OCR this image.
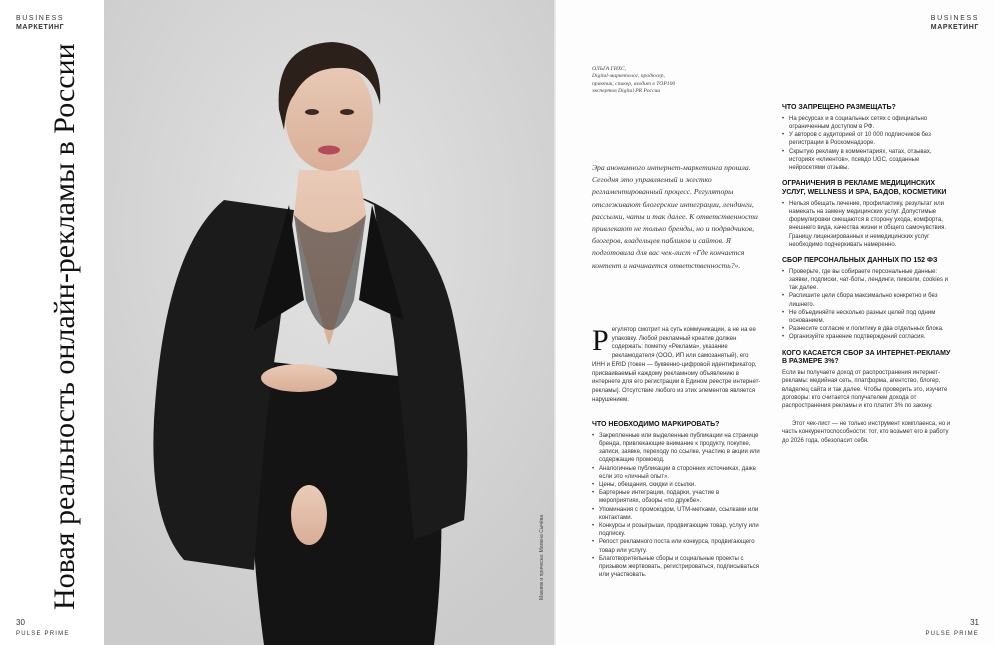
BUSINESS
МАРКЕТИНГ
Новая реальность онлайн-рекламы в России	Макияж и прическа: Милена Сычёва
30
PULSE PRIME
BUSINESS
МАРКЕТИНГ
31
PULSE PRIME
ОЛЬГА ГИХС,
Digital-маркетолог, продюсер,
практик, спикер, входит в ТОР100
экспертов Digital PR России
Эра анонимного интернет-маркетинга прошла. Сегодня это управляемый и жестко регламентированный процесс. Регуляторы отслеживают блогерские интеграции, лендинги, рассылки, чаты и так далее. К ответственности привлекают не только бренды, но и подрядчиков, блогеров, владельцев пабликов и сайтов. Я подготовила для вас чек-лист «Где кончается контент и начинается ответственность?».
Р егулятор смотрит на суть коммуникации, а не на ее упаковку. Любой рекламный креатив должен содержать: пометку «Реклама», указание рекламодателя (ООО, ИП или самозанятый), его ИНН и ERID (токен — буквенно-цифровой идентификатор, присваиваемый каждому рекламному объявлению в интернете для его регистрации в Едином реестре интернет-рекламы). Отсутствие любого из этих элементов является нарушением.
ЧТО НЕОБХОДИМО МАРКИРОВАТЬ?
• Закрепленные или выделенные публикации на странице бренда, привлекающие внимание к продукту, покупке, записи, заявке, переходу по ссылке, участию в акции или содержащие промокод.
• Аналогичные публикации в сторонних источниках, даже если это «личный опыт».
• Цены, обещания, скидки и ссылки.
• Бартерные интеграции, подарки, участие в мероприятиях, обзоры «по дружбе».
• Упоминания с промокодом, UTM-метками, ссылками или контактами.
• Конкурсы и розыгрыши, продвигающие товар, услугу или подписку.
• Репост рекламного поста или конкурса, продвигающего товар или услугу.
• Благотворительные сборы и социальные проекты с призывом жертвовать, регистрироваться, подписываться или участвовать.
ЧТО ЗАПРЕЩЕНО РАЗМЕЩАТЬ?
• На ресурсах и в социальных сетях с официально ограниченным доступом в РФ.
• У авторов с аудиторией от 10 000 подписчиков без регистрации в Роскомнадзоре.
• Скрытую рекламу в комментариях, чатах, отзывах, историях «клиентов», псевдо UGC, созданные нейросетями отзывы.
ОГРАНИЧЕНИЯ В РЕКЛАМЕ МЕДИЦИНСКИХ УСЛУГ, WELLNESS И SPA, БАДОВ, КОСМЕТИКИ
• Нельзя обещать лечение, профилактику, результат или намекать на замену медицинских услуг. Допустимые формулировки смещаются в сторону ухода, комфорта, внешнего вида, качества жизни и общего самочувствия. Границу лицензированных и немедицинских услуг необходимо подчеркивать намеренно.
СБОР ПЕРСОНАЛЬНЫХ ДАННЫХ ПО 152 ФЗ
• Проверьте, где вы собираете персональные данные: заявки, подписки, чат-боты, лендинги, пиксели, cookies и так далее.
• Распишите цели сбора максимально конкретно и без лишнего.
• Не объединяйте несколько разных целей под одним основанием.
• Разнесите согласие и политику в два отдельных блока.
• Организуйте хранение подтверждений согласия.
КОГО КАСАЕТСЯ СБОР ЗА ИНТЕРНЕТ-РЕКЛАМУ В РАЗМЕРЕ 3%?

Если вы получаете доход от распространения интернет-рекламы: медийная сеть, платформа, агентство, блогер, владелец сайта и так далее. Чтобы проверить это, изучите договоры: кто считается получателем дохода от распространения рекламы и кто платит 3% по закону.

Этот чек-лист — не только инструмент комплаенса, но и часть конкурентоспособности: тот, кто возьмет его в работу до 2026 года, обезопасит себя.
